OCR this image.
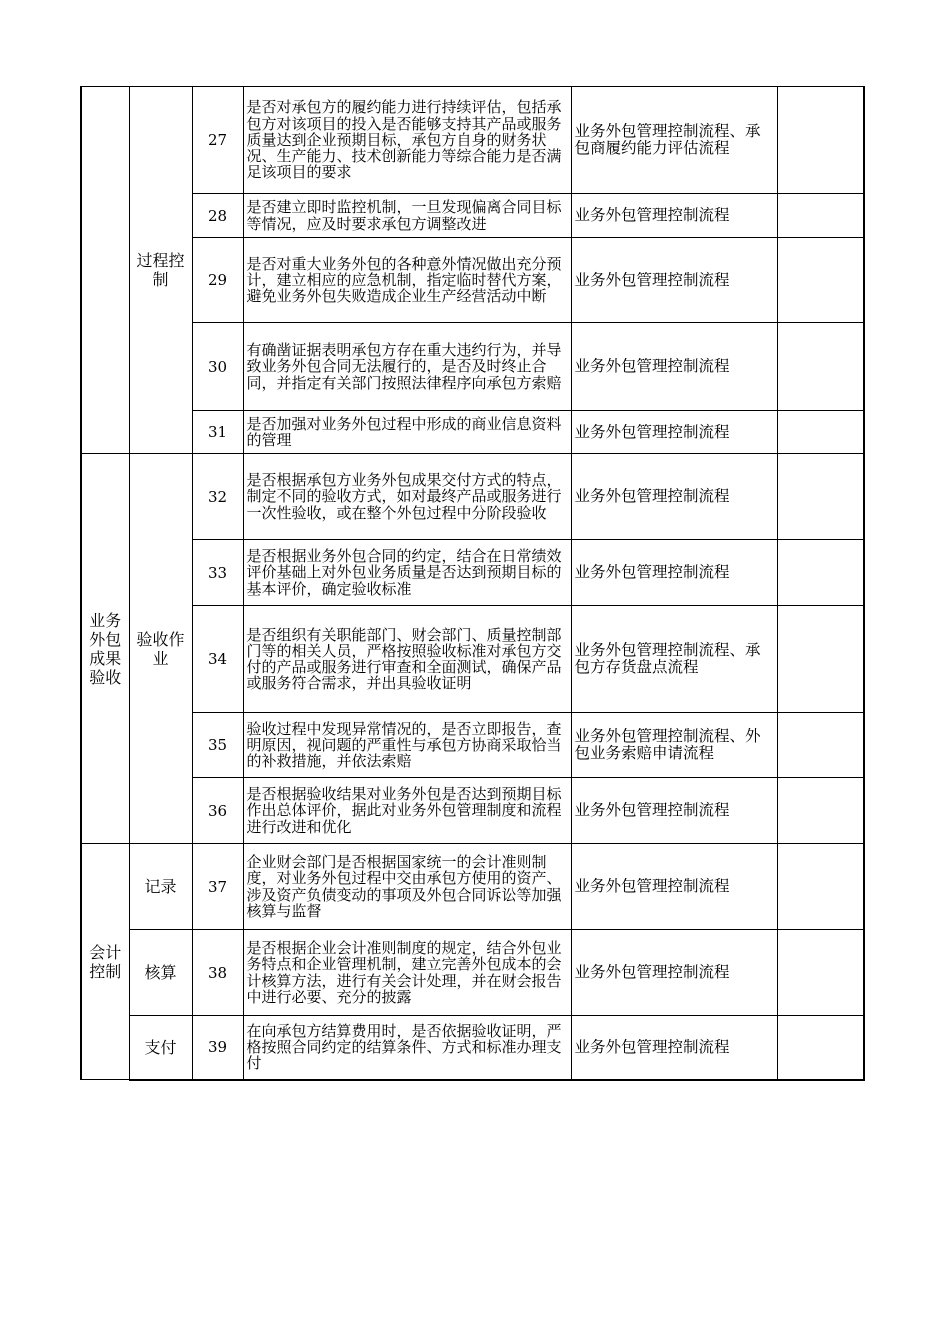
	过程控制	27	是否对承包方的履约能力进行持续评估，包括承包方对该项目的投入是否能够支持其产品或服务质量达到企业预期目标，承包方自身的财务状况、生产能力、技术创新能力等综合能力是否满足该项目的要求	业务外包管理控制流程、承包商履约能力评估流程	
		28	是否建立即时监控机制，一旦发现偏离合同目标等情况，应及时要求承包方调整改进	业务外包管理控制流程	
		29	是否对重大业务外包的各种意外情况做出充分预计，建立相应的应急机制，指定临时替代方案，避免业务外包失败造成企业生产经营活动中断	业务外包管理控制流程	
		30	有确凿证据表明承包方存在重大违约行为，并导致业务外包合同无法履行的，是否及时终止合同，并指定有关部门按照法律程序向承包方索赔	业务外包管理控制流程	
		31	是否加强对业务外包过程中形成的商业信息资料的管理	业务外包管理控制流程	
业务外包成果验收	验收作业	32	是否根据承包方业务外包成果交付方式的特点，制定不同的验收方式，如对最终产品或服务进行一次性验收，或在整个外包过程中分阶段验收	业务外包管理控制流程	
		33	是否根据业务外包合同的约定，结合在日常绩效评价基础上对外包业务质量是否达到预期目标的基本评价，确定验收标准	业务外包管理控制流程	
		34	是否组织有关职能部门、财会部门、质量控制部门等的相关人员，严格按照验收标准对承包方交付的产品或服务进行审查和全面测试，确保产品或服务符合需求，并出具验收证明	业务外包管理控制流程、承包方存货盘点流程	
		35	验收过程中发现异常情况的，是否立即报告，查明原因，视问题的严重性与承包方协商采取恰当的补救措施，并依法索赔	业务外包管理控制流程、外包业务索赔申请流程	
		36	是否根据验收结果对业务外包是否达到预期目标作出总体评价，据此对业务外包管理制度和流程进行改进和优化	业务外包管理控制流程	
会计控制	记录	37	企业财会部门是否根据国家统一的会计准则制度，对业务外包过程中交由承包方使用的资产、涉及资产负债变动的事项及外包合同诉讼等加强核算与监督	业务外包管理控制流程	
	核算	38	是否根据企业会计准则制度的规定，结合外包业务特点和企业管理机制，建立完善外包成本的会计核算方法，进行有关会计处理，并在财会报告中进行必要、充分的披露	业务外包管理控制流程	
	支付	39	在向承包方结算费用时，是否依据验收证明，严格按照合同约定的结算条件、方式和标准办理支付	业务外包管理控制流程	
